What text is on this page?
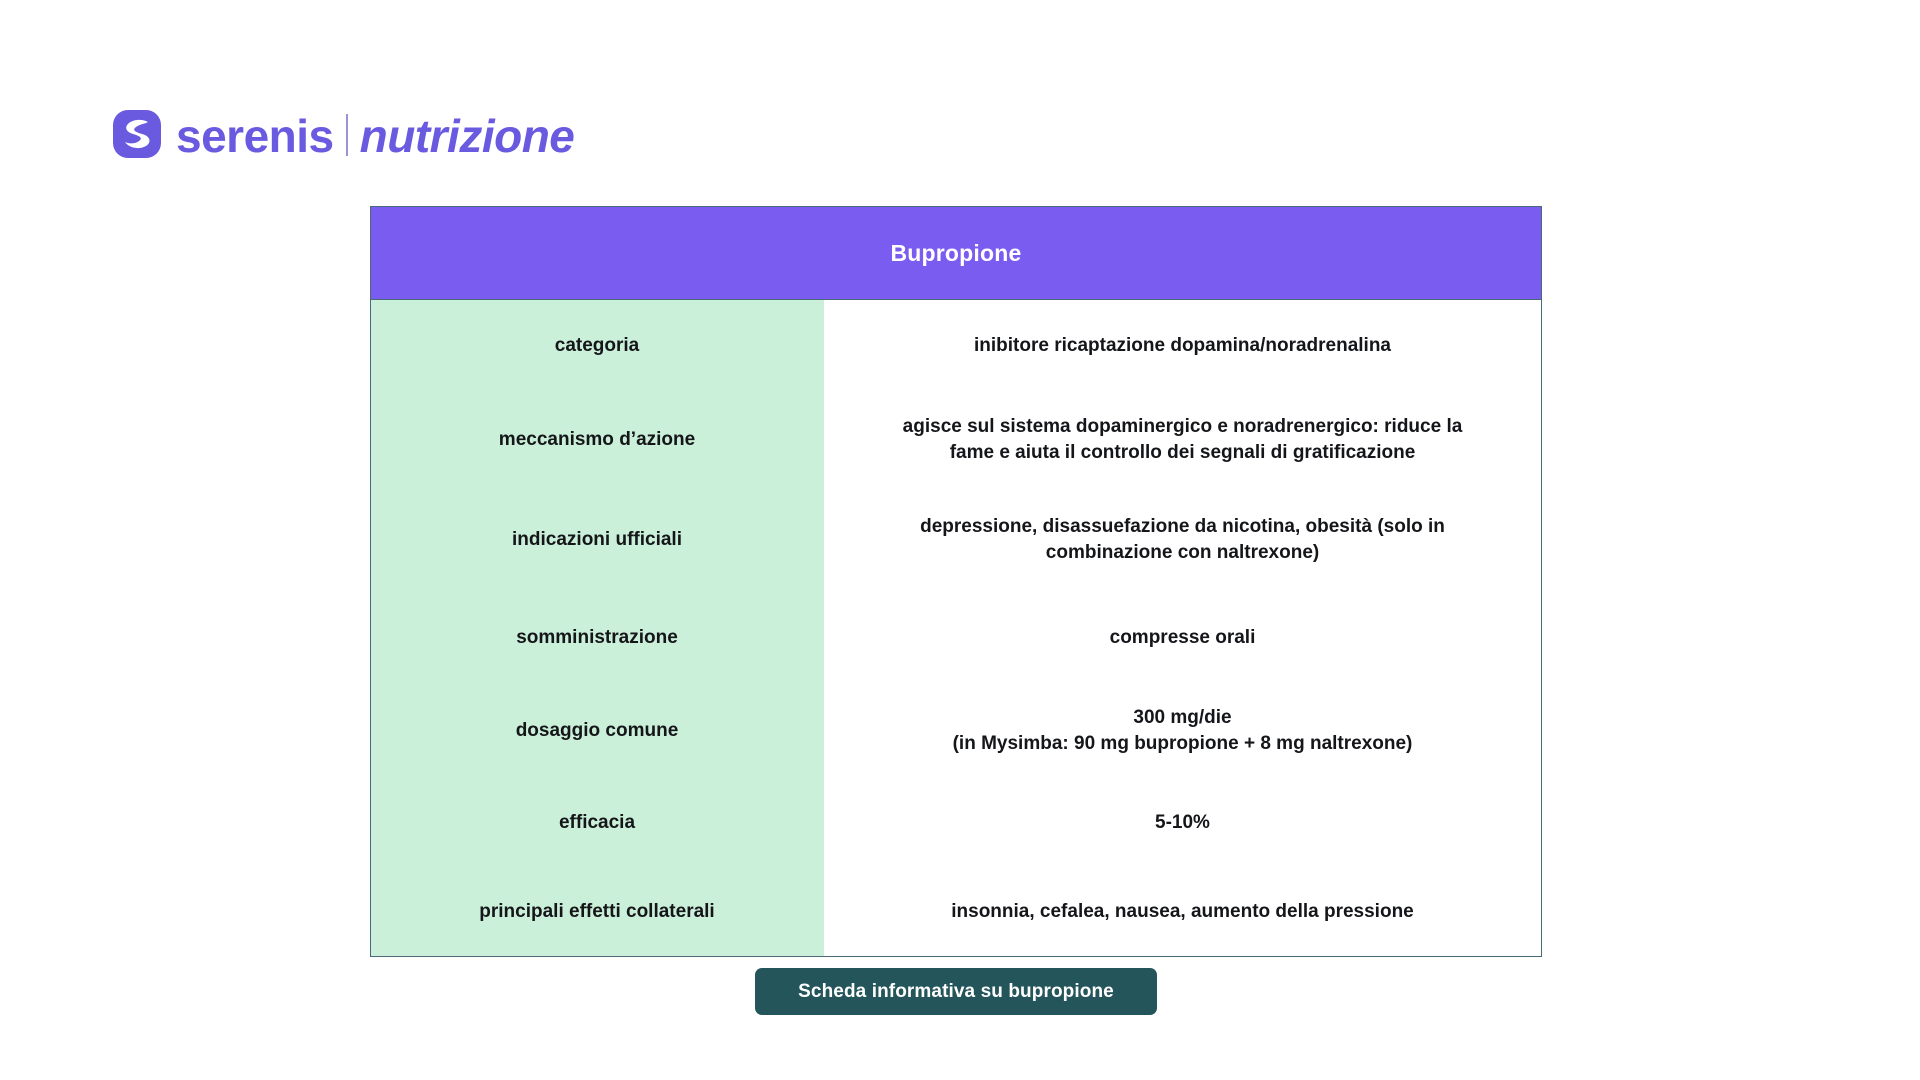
serenis nutrizione
Bupropione
categoria
meccanismo d’azione
indicazioni ufficiali
somministrazione
dosaggio comune
efficacia
principali effetti collaterali
inibitore ricaptazione dopamina/noradrenalina
agisce sul sistema dopaminergico e noradrenergico: riduce la
fame e aiuta il controllo dei segnali di gratificazione
depressione, disassuefazione da nicotina, obesità (solo in
combinazione con naltrexone)
compresse orali
300 mg/die
(in Mysimba: 90 mg bupropione + 8 mg naltrexone)
5-10%
insonnia, cefalea, nausea, aumento della pressione
Scheda informativa su bupropione
